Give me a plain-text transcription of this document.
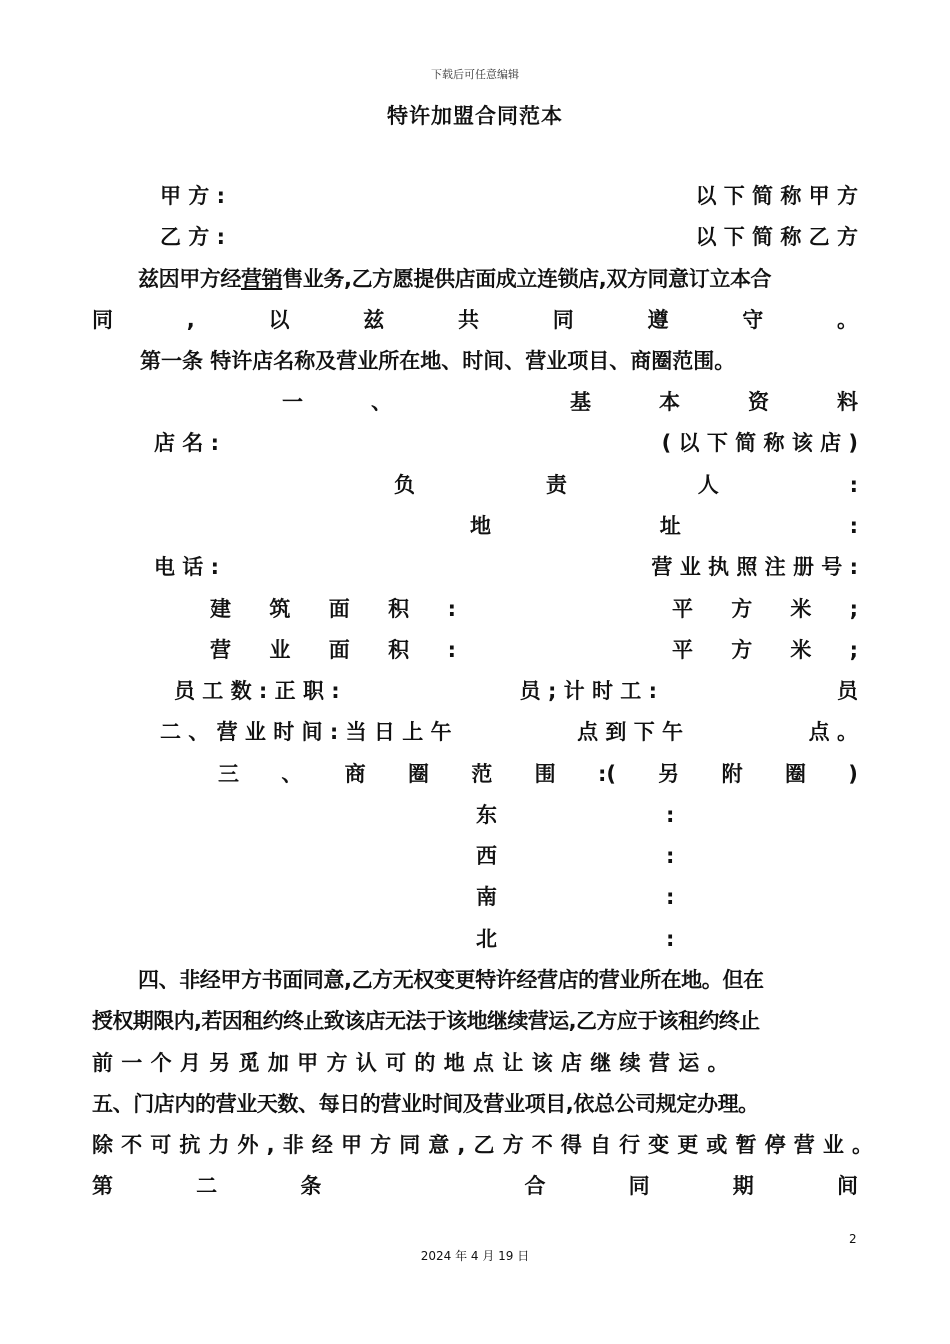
下载后可任意编辑
特许加盟合同范本
甲 方 :	以 下 简 称 甲 方
乙 方 :	以 下 简 称 乙 方
兹因甲方经营销售业务,乙方愿提供店面成立连锁店,双方同意订立本合
同	,	以	兹	共	同	遵	守	。
第一条 特许店名称及营业所在地、时间、营业项目、商圈范围。
一	、	基	本	资	料
店 名 :	( 以 下 简 称 该 店 )
负	责	人	:
地	址	:
电 话 :	营 业 执 照 注 册 号 :
建 筑 面 积 :	平 方 米 ;
营 业 面 积 :	平 方 米 ;
员 工 数 : 正 职 :	员 ; 计 时 工 :	员
二 、 营 业 时 间 : 当 日 上 午	点 到 下 午	点 。
三 、 商 圈 范 围 :( 另 附 圈 )
东	:
西	:
南	:
北	:
四、非经甲方书面同意,乙方无权变更特许经营店的营业所在地。但在
授权期限内,若因租约终止致该店无法于该地继续营运,乙方应于该租约终止
前 一 个 月 另 觅 加 甲 方 认 可 的 地 点 让 该 店 继 续 营 运 。
五、门店内的营业天数、每日的营业时间及营业项目,依总公司规定办理。
除 不 可 抗 力 外 , 非 经 甲 方 同 意 , 乙 方 不 得 自 行 变 更 或 暂 停 营 业 。
第	二	条	合	同	期	间
2
2024 年 4 月 19 日
